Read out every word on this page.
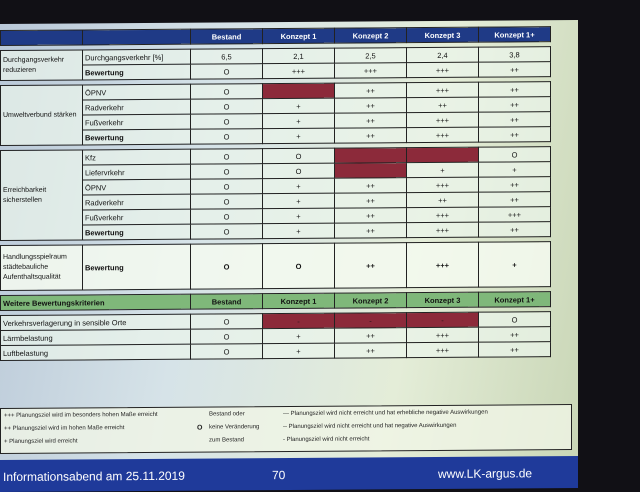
		Bestand	Konzept 1	Konzept 2	Konzept 3	Konzept 1+

Durchgangsverkehr reduzieren	Durchgangsverkehr [%]	6,5	2,1	2,5	2,4	3,8
	Bewertung	O	+++	+++	+++	++

Umweltverbund stärken	ÖPNV	O		++	+++	++
	Radverkehr	O	+	++	++	++
	Fußverkehr	O	+	++	+++	++
	Bewertung	O	+	++	+++	++

Erreichbarkeit sicherstellen	Kfz	O	O			O
	Liefervrkehr	O	O		+	+
	ÖPNV	O	+	++	+++	++
	Radverkehr	O	+	++	++	++
	Fußverkehr	O	+	++	+++	+++
	Bewertung	O	+	++	+++	++

Handlungsspielraum städtebauliche Aufenthaltsqualität	Bewertung	O	O	++	+++	+

Weitere Bewertungskriterien		Bestand	Konzept 1	Konzept 2	Konzept 3	Konzept 1+

Verkehrsverlagerung in sensible Orte		O	-	-	-	O
Lärmbelastung		O	+	++	+++	++
Luftbelastung		O	+	++	+++	++
+++ Planungsziel wird im besonders hohen Maße erreicht
++ Planungsziel wird im hohen Maße erreicht
+ Planungsziel wird erreicht
Bestand oder
O keine Veränderung
zum Bestand
--- Planungsziel wird nicht erreicht und hat erhebliche negative Auswirkungen
-- Planungsziel wird nicht erreicht und hat negative Auswirkungen
- Planungsziel wird nicht erreicht
Informationsabend am 25.11.2019	70	www.LK-argus.de
